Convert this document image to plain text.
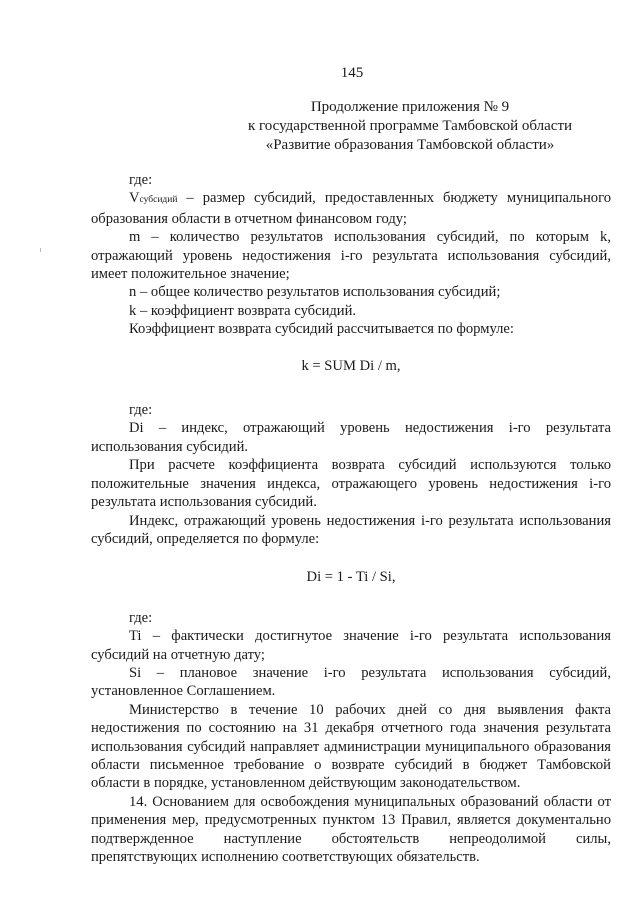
145
Продолжение приложения № 9
к государственной программе Тамбовской области
«Развитие образования Тамбовской области»

где:

Vсубсидий – размер субсидий, предоставленных бюджету муниципального образования области в отчетном финансовом году;

m – количество результатов использования субсидий, по которым k, отражающий уровень недостижения i-го результата использования субсидий, имеет положительное значение;

n – общее количество результатов использования субсидий;

k – коэффициент возврата субсидий.

Коэффициент возврата субсидий рассчитывается по формуле:

k = SUM Di / m,

где:

Di – индекс, отражающий уровень недостижения i-го результата использования субсидий.

При расчете коэффициента возврата субсидий используются только положительные значения индекса, отражающего уровень недостижения i-го результата использования субсидий.

Индекс, отражающий уровень недостижения i-го результата использования субсидий, определяется по формуле:

Di = 1 - Ti / Si,

где:

Ti – фактически достигнутое значение i-го результата использования субсидий на отчетную дату;

Si – плановое значение i-го результата использования субсидий, установленное Соглашением.

Министерство в течение 10 рабочих дней со дня выявления факта недостижения по состоянию на 31 декабря отчетного года значения результата использования субсидий направляет администрации муниципального образования области письменное требование о возврате субсидий в бюджет Тамбовской области в порядке, установленном действующим законодательством.

14. Основанием для освобождения муниципальных образований области от применения мер, предусмотренных пунктом 13 Правил, является документально подтвержденное наступление обстоятельств непреодолимой силы, препятствующих исполнению соответствующих обязательств.
